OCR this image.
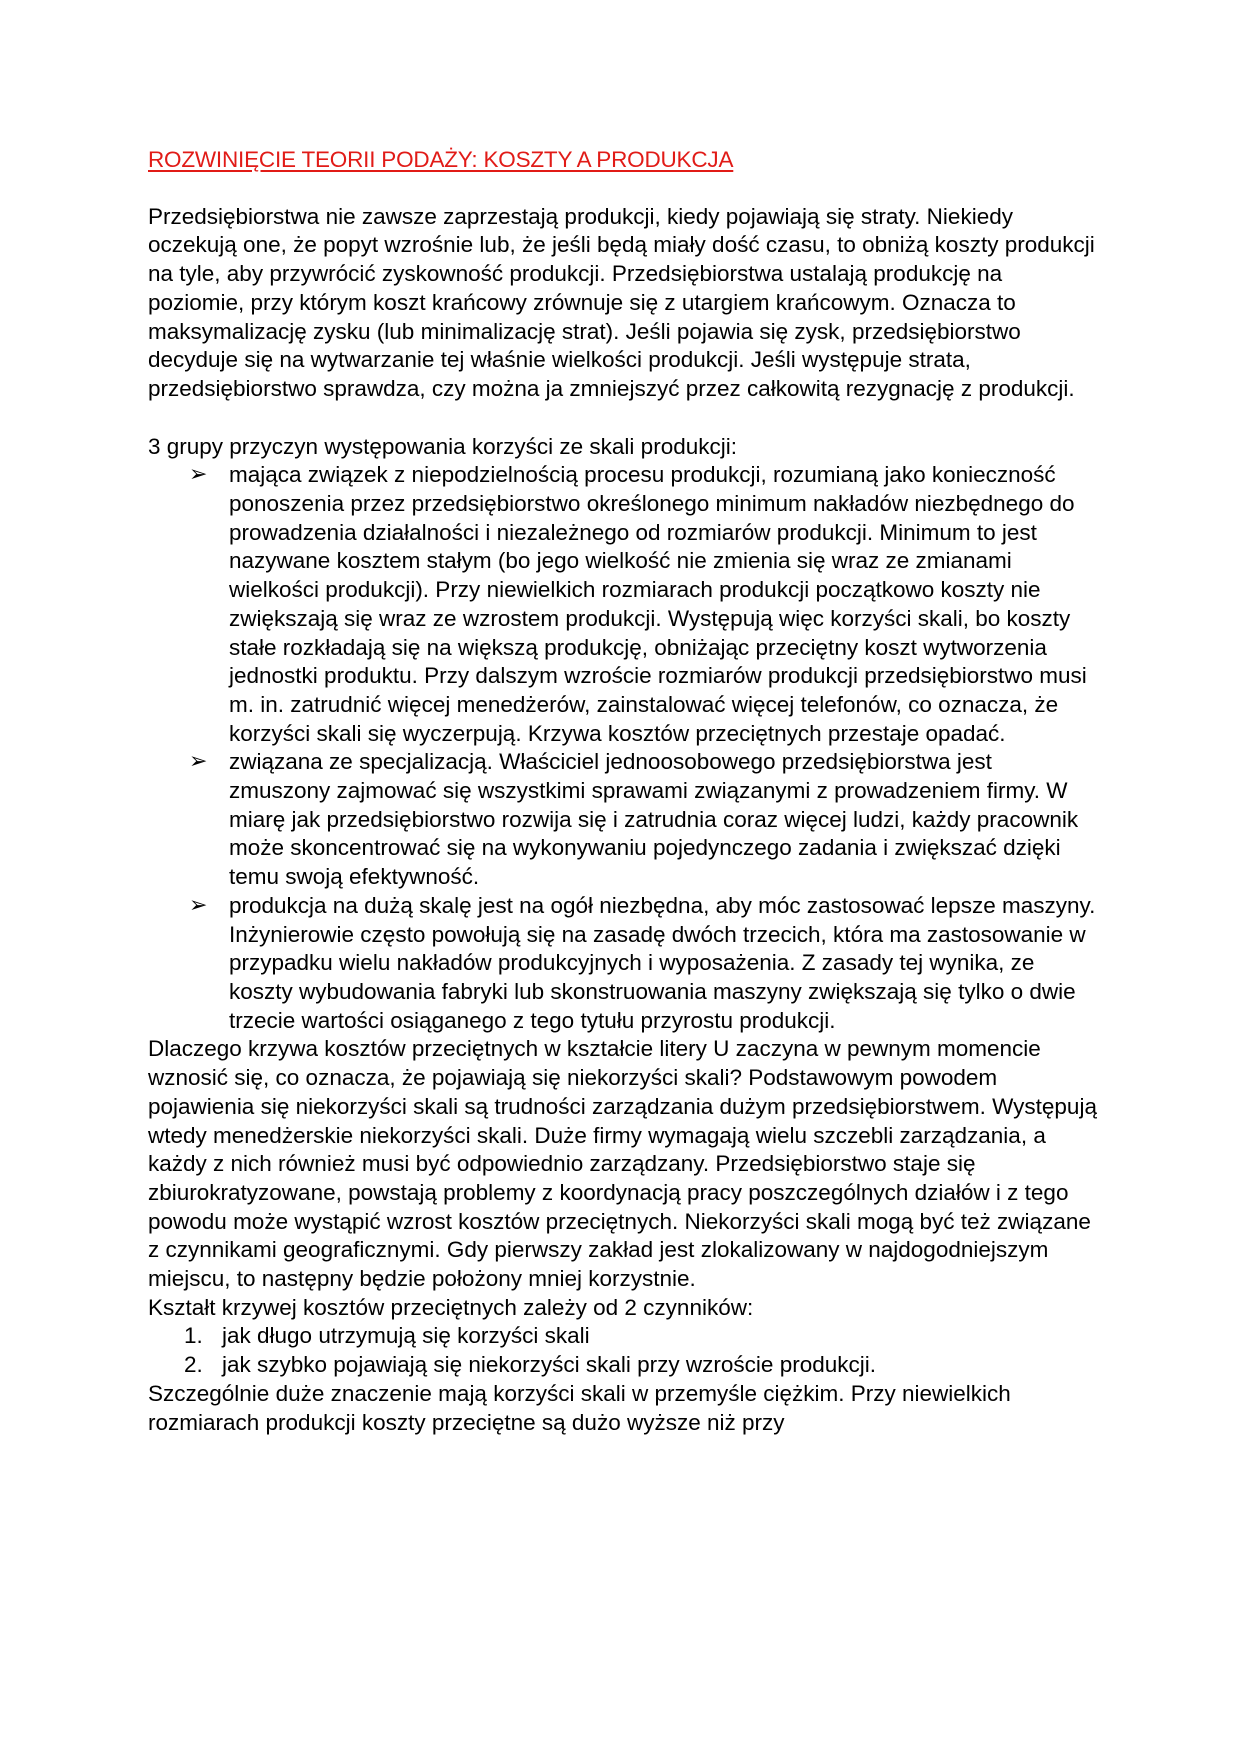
ROZWINIĘCIE TEORII PODAŻY: KOSZTY A PRODUKCJA

Przedsiębiorstwa nie zawsze zaprzestają produkcji, kiedy pojawiają się straty. Niekiedy oczekują one, że popyt wzrośnie lub, że jeśli będą miały dość czasu, to obniżą koszty produkcji na tyle, aby przywrócić zyskowność produkcji. Przedsiębiorstwa ustalają produkcję na poziomie, przy którym koszt krańcowy zrównuje się z utargiem krańcowym. Oznacza to maksymalizację zysku (lub minimalizację strat). Jeśli pojawia się zysk, przedsiębiorstwo decyduje się na wytwarzanie tej właśnie wielkości produkcji. Jeśli występuje strata, przedsiębiorstwo sprawdza, czy można ja zmniejszyć przez całkowitą rezygnację z produkcji.

3 grupy przyczyn występowania korzyści ze skali produkcji:

➢ mająca związek z niepodzielnością procesu produkcji, rozumianą jako konieczność ponoszenia przez przedsiębiorstwo określonego minimum nakładów niezbędnego do prowadzenia działalności i niezależnego od rozmiarów produkcji. Minimum to jest nazywane kosztem stałym (bo jego wielkość nie zmienia się wraz ze zmianami wielkości produkcji). Przy niewielkich rozmiarach produkcji początkowo koszty nie zwiększają się wraz ze wzrostem produkcji. Występują więc korzyści skali, bo koszty stałe rozkładają się na większą produkcję, obniżając przeciętny koszt wytworzenia jednostki produktu. Przy dalszym wzroście rozmiarów produkcji przedsiębiorstwo musi m. in. zatrudnić więcej menedżerów, zainstalować więcej telefonów, co oznacza, że korzyści skali się wyczerpują. Krzywa kosztów przeciętnych przestaje opadać.
➢ związana ze specjalizacją. Właściciel jednoosobowego przedsiębiorstwa jest zmuszony zajmować się wszystkimi sprawami związanymi z prowadzeniem firmy. W miarę jak przedsiębiorstwo rozwija się i zatrudnia coraz więcej ludzi, każdy pracownik może skoncentrować się na wykonywaniu pojedynczego zadania i zwiększać dzięki temu swoją efektywność.
➢ produkcja na dużą skalę jest na ogół niezbędna, aby móc zastosować lepsze maszyny. Inżynierowie często powołują się na zasadę dwóch trzecich, która ma zastosowanie w przypadku wielu nakładów produkcyjnych i wyposażenia. Z zasady tej wynika, ze koszty wybudowania fabryki lub skonstruowania maszyny zwiększają się tylko o dwie trzecie wartości osiąganego z tego tytułu przyrostu produkcji.

Dlaczego krzywa kosztów przeciętnych w kształcie litery U zaczyna w pewnym momencie wznosić się, co oznacza, że pojawiają się niekorzyści skali? Podstawowym powodem pojawienia się niekorzyści skali są trudności zarządzania dużym przedsiębiorstwem. Występują wtedy menedżerskie niekorzyści skali. Duże firmy wymagają wielu szczebli zarządzania, a każdy z nich również musi być odpowiednio zarządzany. Przedsiębiorstwo staje się zbiurokratyzowane, powstają problemy z koordynacją pracy poszczególnych działów i z tego powodu może wystąpić wzrost kosztów przeciętnych. Niekorzyści skali mogą być też związane z czynnikami geograficznymi. Gdy pierwszy zakład jest zlokalizowany w najdogodniejszym miejscu, to następny będzie położony mniej korzystnie.

Kształt krzywej kosztów przeciętnych zależy od 2 czynników:

1. jak długo utrzymują się korzyści skali
2. jak szybko pojawiają się niekorzyści skali przy wzroście produkcji.

Szczególnie duże znaczenie mają korzyści skali w przemyśle ciężkim. Przy niewielkich rozmiarach produkcji koszty przeciętne są dużo wyższe niż przy
